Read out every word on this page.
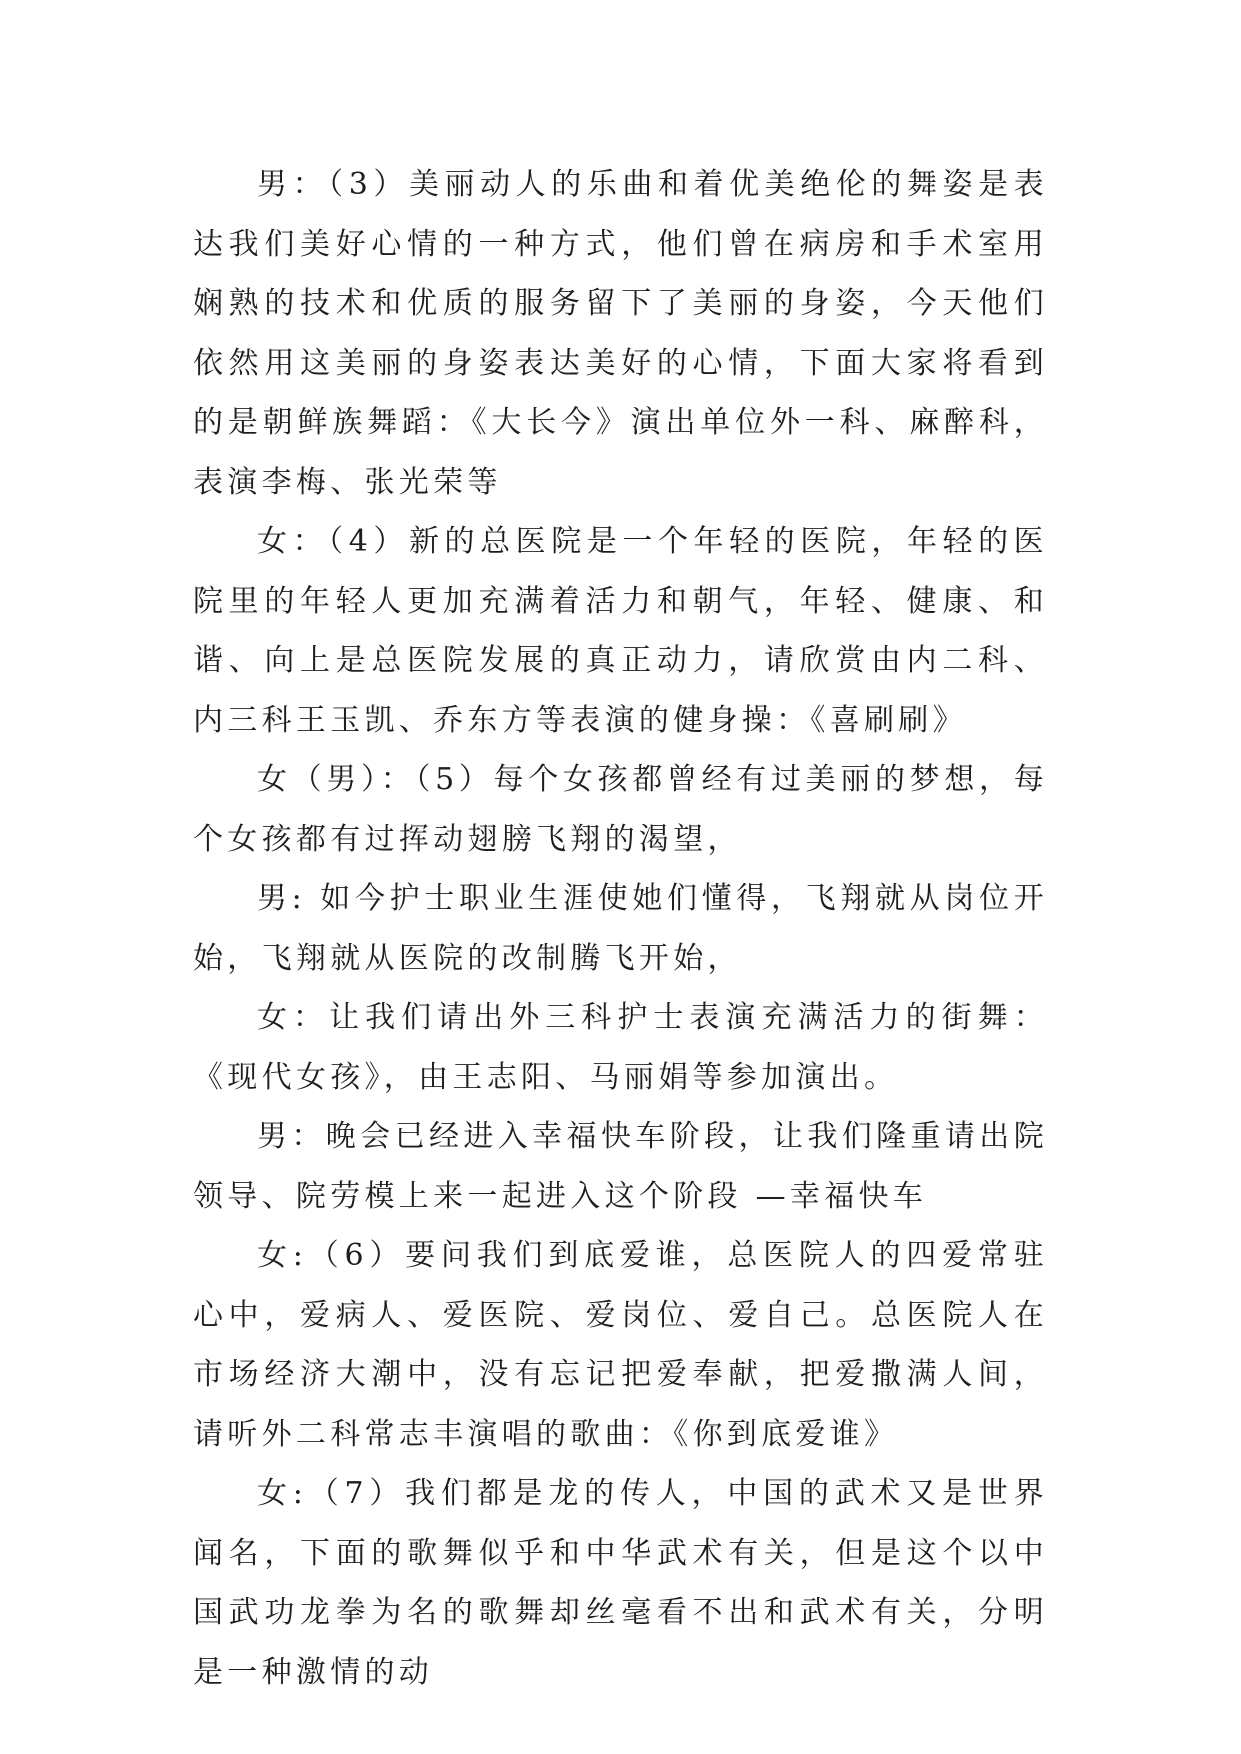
男：（3）美丽动人的乐曲和着优美绝伦的舞姿是表达我们美好心情的一种方式，他们曾在病房和手术室用娴熟的技术和优质的服务留下了美丽的身姿，今天他们依然用这美丽的身姿表达美好的心情，下面大家将看到的是朝鲜族舞蹈：《大长今》演出单位外一科、麻醉科，表演李梅、张光荣等

女：（4）新的总医院是一个年轻的医院，年轻的医院里的年轻人更加充满着活力和朝气，年轻、健康、和谐、向上是总医院发展的真正动力，请欣赏由内二科、内三科王玉凯、乔东方等表演的健身操：《喜刷刷》

女（男）：（5）每个女孩都曾经有过美丽的梦想，每个女孩都有过挥动翅膀飞翔的渴望，

男: 如今护士职业生涯使她们懂得，飞翔就从岗位开始，飞翔就从医院的改制腾飞开始，

女：让我们请出外三科护士表演充满活力的街舞：《现代女孩》，由王志阳、马丽娟等参加演出。

男：晚会已经进入幸福快车阶段，让我们隆重请出院领导、院劳模上来一起进入这个阶段 —幸福快车

女:（6）要问我们到底爱谁，总医院人的四爱常驻心中，爱病人、爱医院、爱岗位、爱自己。总医院人在市场经济大潮中，没有忘记把爱奉献，把爱撒满人间，请听外二科常志丰演唱的歌曲：《你到底爱谁》

女:（7）我们都是龙的传人，中国的武术又是世界闻名，下面的歌舞似乎和中华武术有关，但是这个以中国武功龙拳为名的歌舞却丝毫看不出和武术有关，分明是一种激情的动
